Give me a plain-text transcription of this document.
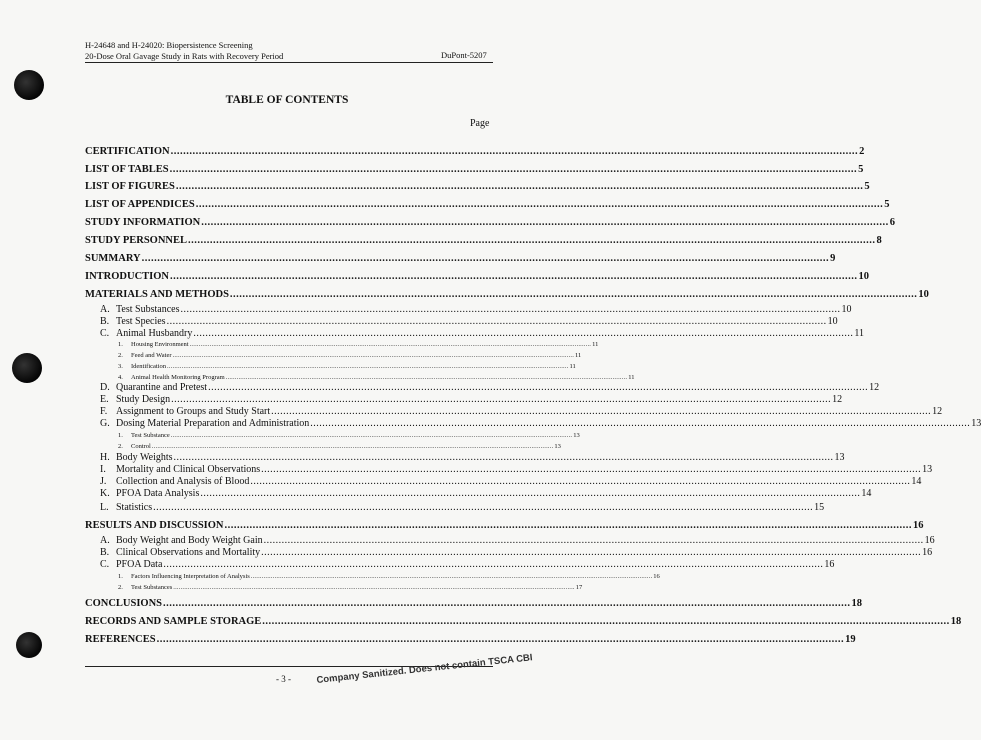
H-24648 and H-24020: Biopersistence Screening
20-Dose Oral Gavage Study in Rats with Recovery Period	DuPont-5207
TABLE OF CONTENTS
Page
CERTIFICATION ............................................................................................................................................................................................................................ 2
LIST OF TABLES ............................................................................................................................................................................................................................ 5
LIST OF FIGURES ............................................................................................................................................................................................................................ 5
LIST OF APPENDICES ............................................................................................................................................................................................................................ 5
STUDY INFORMATION ............................................................................................................................................................................................................................ 6
STUDY PERSONNEL ............................................................................................................................................................................................................................ 8
SUMMARY ............................................................................................................................................................................................................................ 9
INTRODUCTION ............................................................................................................................................................................................................................ 10
MATERIALS AND METHODS ............................................................................................................................................................................................................................ 10
A. Test Substances ............................................................................................................................................................................................................................ 10
B. Test Species ............................................................................................................................................................................................................................ 10
C. Animal Husbandry ............................................................................................................................................................................................................................ 11
1. Housing Environment ............................................................................................................................................................................................................................ 11
2. Feed and Water ............................................................................................................................................................................................................................ 11
3. Identification ............................................................................................................................................................................................................................ 11
4. Animal Health Monitoring Program ............................................................................................................................................................................................................................ 11
D. Quarantine and Pretest ............................................................................................................................................................................................................................ 12
E. Study Design ............................................................................................................................................................................................................................ 12
F. Assignment to Groups and Study Start ............................................................................................................................................................................................................................ 12
G. Dosing Material Preparation and Administration ............................................................................................................................................................................................................................ 13
1. Test Substance ............................................................................................................................................................................................................................ 13
2. Control ............................................................................................................................................................................................................................ 13
H. Body Weights ............................................................................................................................................................................................................................ 13
I. Mortality and Clinical Observations ............................................................................................................................................................................................................................ 13
J. Collection and Analysis of Blood ............................................................................................................................................................................................................................ 14
K. PFOA Data Analysis ............................................................................................................................................................................................................................ 14
L. Statistics ............................................................................................................................................................................................................................ 15
RESULTS AND DISCUSSION ............................................................................................................................................................................................................................ 16
A. Body Weight and Body Weight Gain ............................................................................................................................................................................................................................ 16
B. Clinical Observations and Mortality ............................................................................................................................................................................................................................ 16
C. PFOA Data ............................................................................................................................................................................................................................ 16
1. Factors Influencing Interpretation of Analysis ............................................................................................................................................................................................................................ 16
2. Test Substances ............................................................................................................................................................................................................................ 17
CONCLUSIONS ............................................................................................................................................................................................................................ 18
RECORDS AND SAMPLE STORAGE ............................................................................................................................................................................................................................ 18
REFERENCES ............................................................................................................................................................................................................................ 19
- 3 -	Company Sanitized. Does not contain TSCA CBI
